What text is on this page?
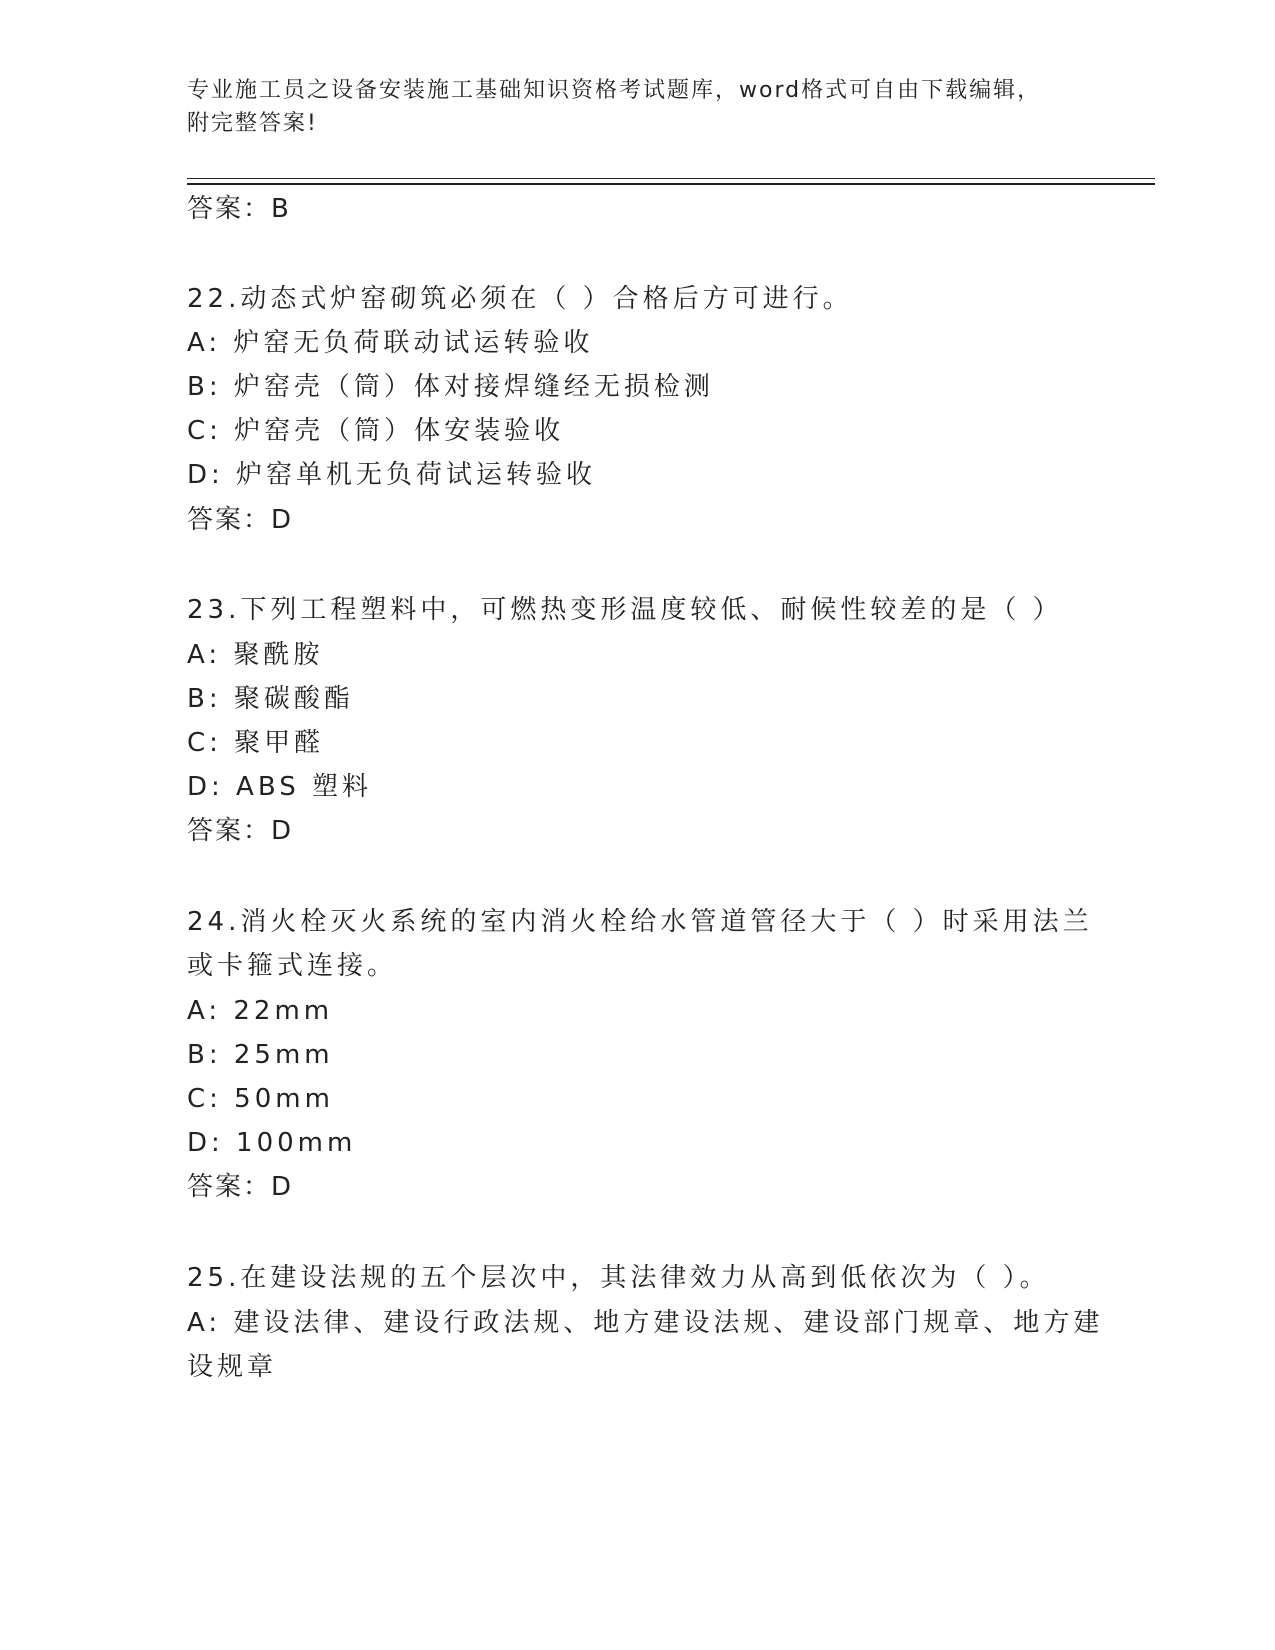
专业施工员之设备安装施工基础知识资格考试题库，word格式可自由下载编辑，
附完整答案!
答案：B
22.动态式炉窑砌筑必须在（ ）合格后方可进行。
A: 炉窑无负荷联动试运转验收
B: 炉窑壳（筒）体对接焊缝经无损检测
C: 炉窑壳（筒）体安装验收
D: 炉窑单机无负荷试运转验收
答案：D
23.下列工程塑料中，可燃热变形温度较低、耐候性较差的是（ ）
A: 聚酰胺
B: 聚碳酸酯
C: 聚甲醛
D: ABS 塑料
答案：D
24.消火栓灭火系统的室内消火栓给水管道管径大于（ ）时采用法兰
或卡箍式连接。
A: 22mm
B: 25mm
C: 50mm
D: 100mm
答案：D
25.在建设法规的五个层次中，其法律效力从高到低依次为（ ）。
A: 建设法律、建设行政法规、地方建设法规、建设部门规章、地方建
设规章
